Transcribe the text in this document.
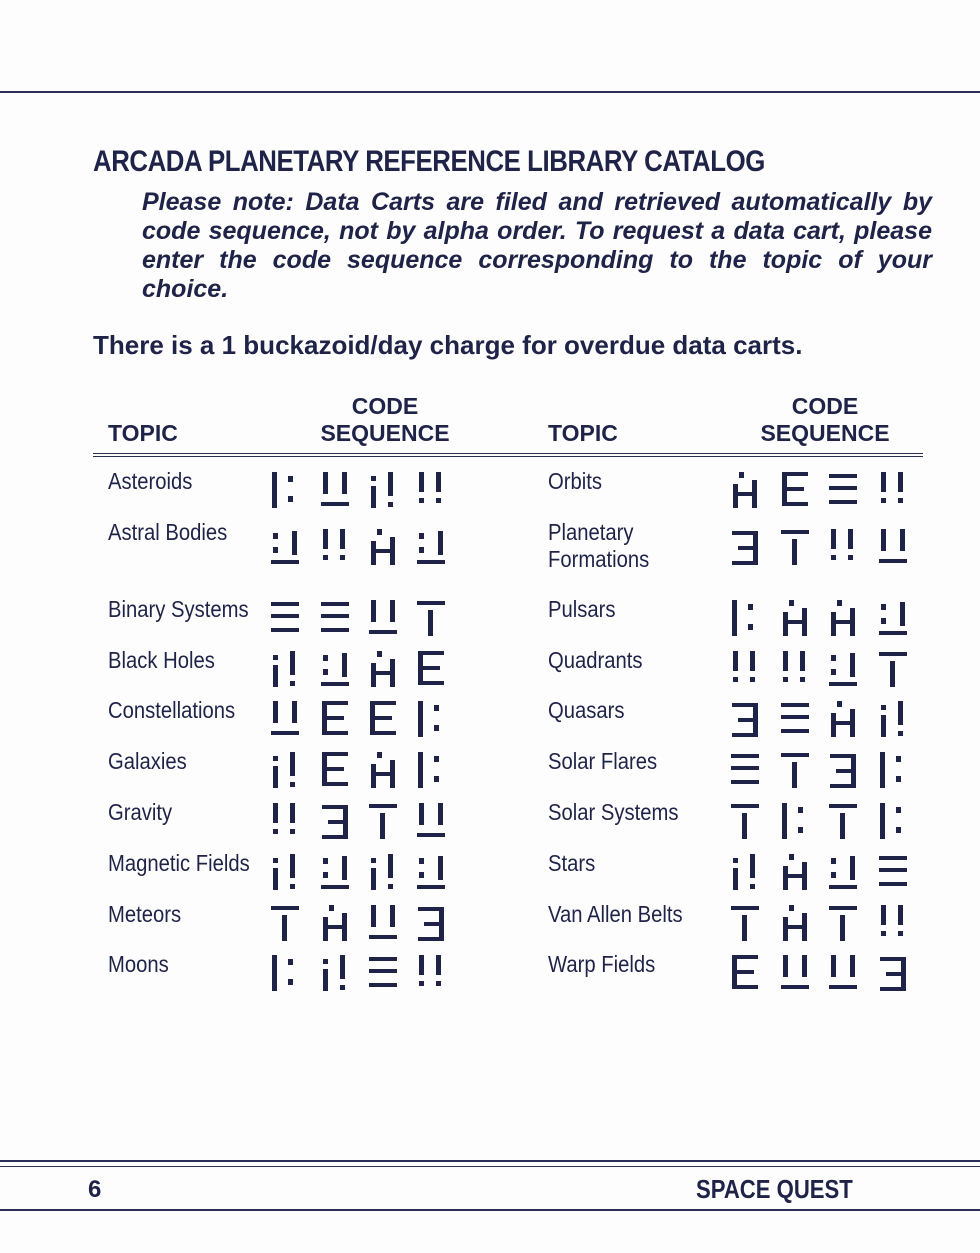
ARCADA PLANETARY REFERENCE LIBRARY CATALOG
Please note: Data Carts are filed and retrieved automatically by code sequence, not by alpha order. To request a data cart, please enter the code sequence corresponding to the topic of your choice.
There is a 1 buckazoid/day charge for overdue data carts.
TOPIC
CODE
SEQUENCE	TOPIC
CODE
SEQUENCE
Asteroids
Astral Bodies
Binary Systems
Black Holes
Constellations
Galaxies
Gravity
Magnetic Fields
Meteors
Moons
Orbits
Planetary Formations
Pulsars
Quadrants
Quasars
Solar Flares
Solar Systems
Stars
Van Allen Belts
Warp Fields
6	SPACE QUEST
